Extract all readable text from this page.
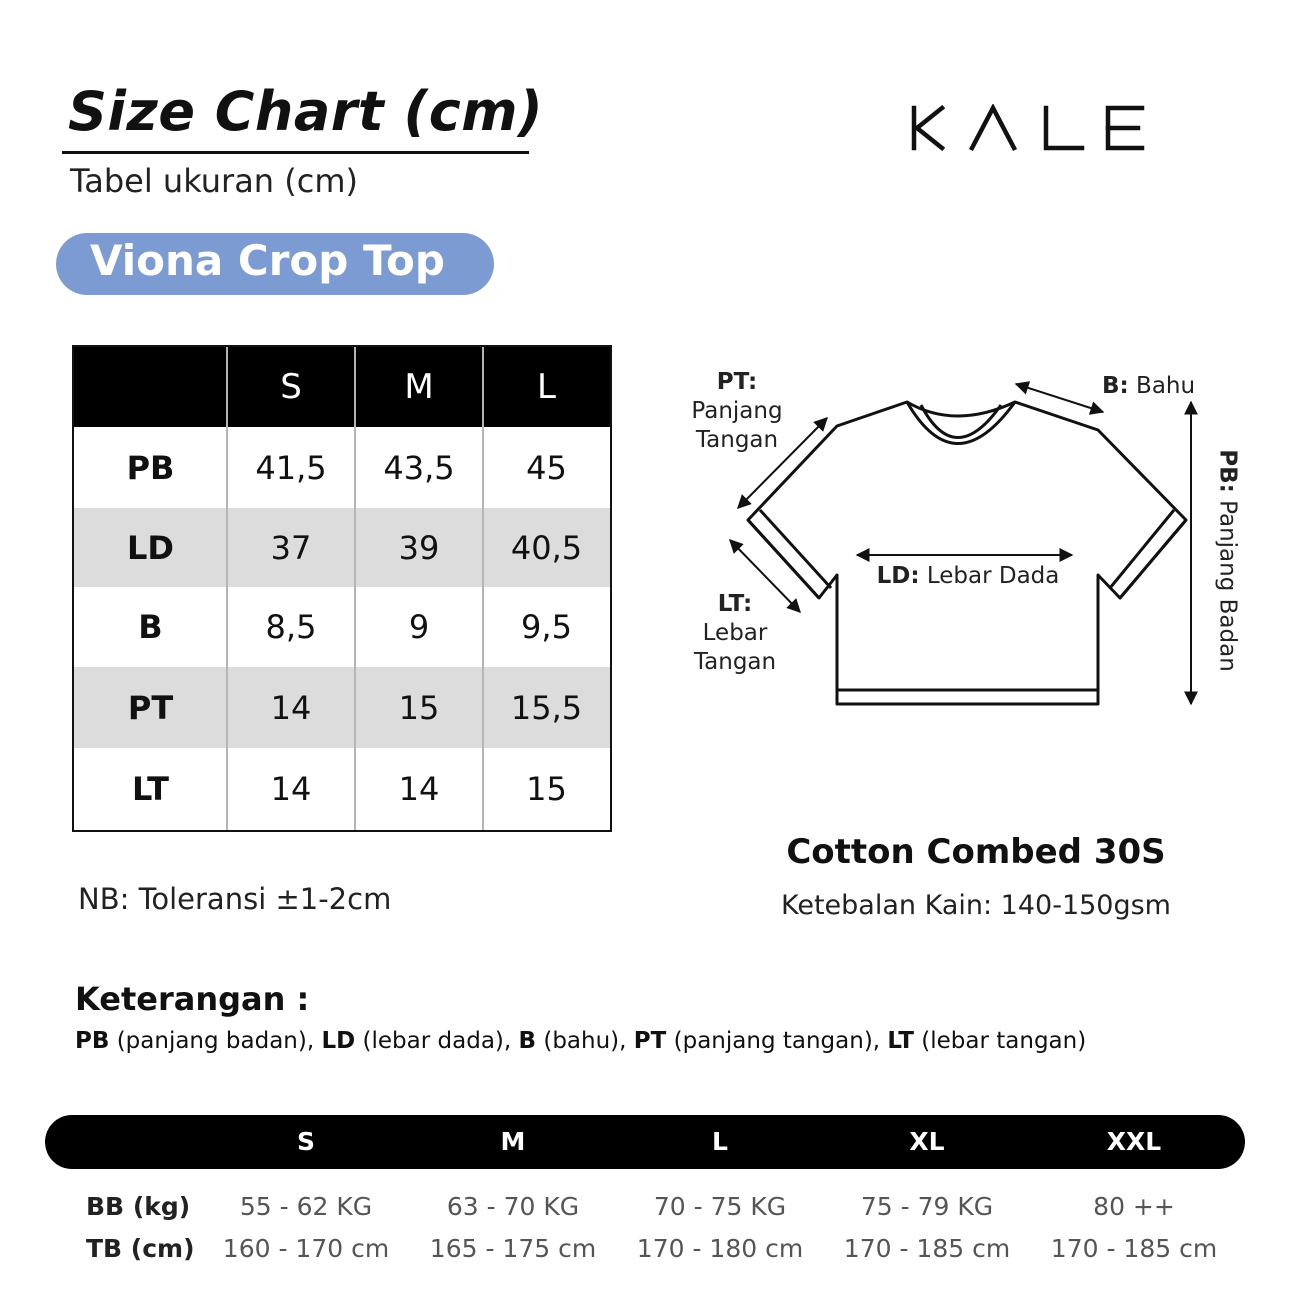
Size Chart (cm)
Tabel ukuran (cm)
Viona Crop Top
S	M	L
PB	41,5	43,5	45
LD	37	39	40,5
B	8,5	9	9,5
PT	14	15	15,5
LT	14	14	15
NB: Toleransi ±1-2cm
PT:
Panjang
Tangan
B: Bahu
LT:
Lebar
Tangan
LD: Lebar Dada
PB: Panjang Badan
Cotton Combed 30S
Ketebalan Kain: 140-150gsm
Keterangan :
PB (panjang badan), LD (lebar dada), B (bahu), PT (panjang tangan), LT (lebar tangan)
S	M	L	XL	XXL
BB (kg) 55 - 62 KG	63 - 70 KG	70 - 75 KG	75 - 79 KG	80 ++
TB (cm) 160 - 170 cm 165 - 175 cm 170 - 180 cm 170 - 185 cm 170 - 185 cm
